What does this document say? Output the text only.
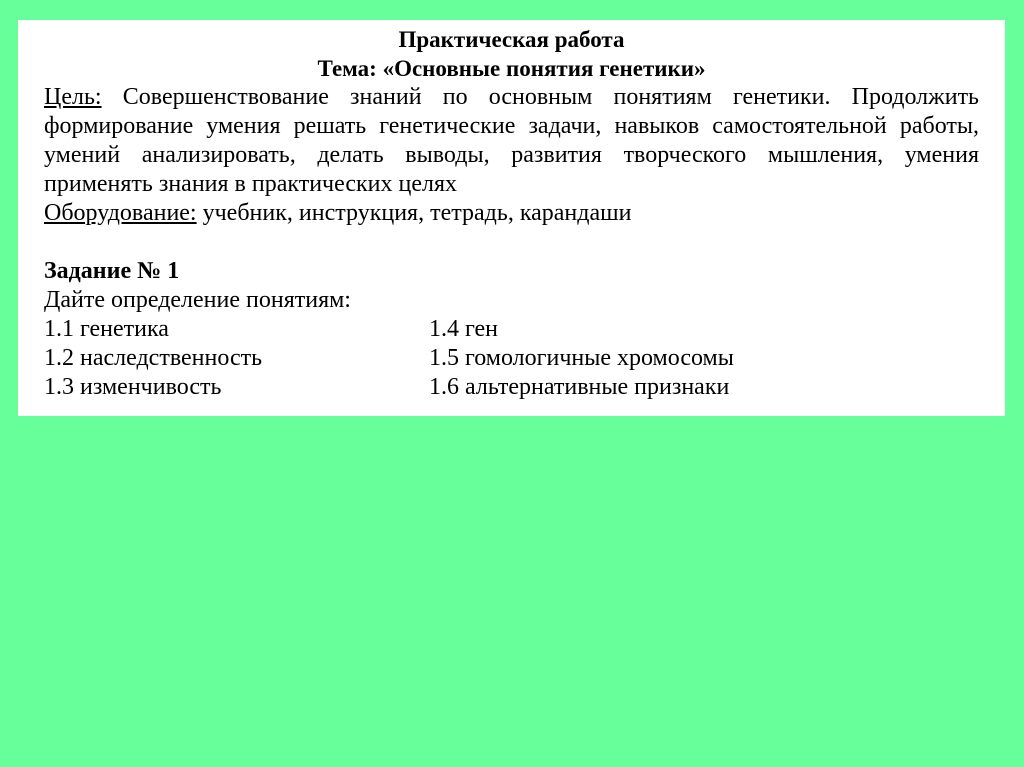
Практическая работа
Тема: «Основные понятия генетики»
Цель: Совершенствование знаний по основным понятиям генетики. Продолжить формирование умения решать генетические задачи, навыков самостоятельной работы, умений анализировать, делать выводы, развития творческого мышления, умения применять знания в практических целях
Оборудование: учебник, инструкция, тетрадь, карандаши
Задание № 1
Дайте определение понятиям:
1.1 генетика	1.4 ген
1.2 наследственность	1.5 гомологичные хромосомы
1.3 изменчивость	1.6 альтернативные признаки
